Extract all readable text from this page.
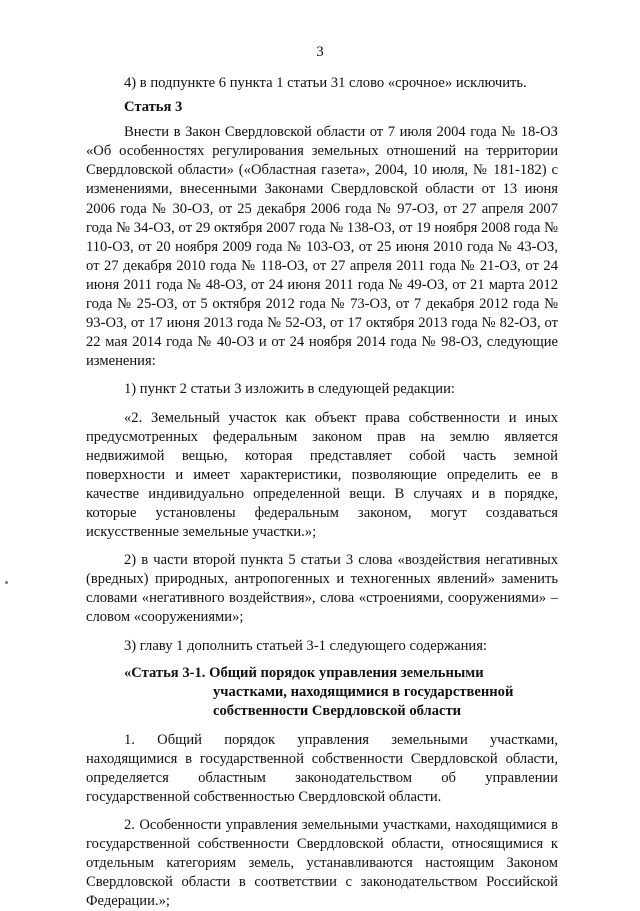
3

4) в подпункте 6 пункта 1 статьи 31 слово «срочное» исключить.

Статья 3

Внести в Закон Свердловской области от 7 июля 2004 года № 18-ОЗ «Об особенностях регулирования земельных отношений на территории Свердловской области» («Областная газета», 2004, 10 июля, № 181-182) с изменениями, внесенными Законами Свердловской области от 13 июня 2006 года № 30-ОЗ, от 25 декабря 2006 года № 97-ОЗ, от 27 апреля 2007 года № 34-ОЗ, от 29 октября 2007 года № 138-ОЗ, от 19 ноября 2008 года № 110-ОЗ, от 20 ноября 2009 года № 103-ОЗ, от 25 июня 2010 года № 43-ОЗ, от 27 декабря 2010 года № 118-ОЗ, от 27 апреля 2011 года № 21-ОЗ, от 24 июня 2011 года № 48-ОЗ, от 24 июня 2011 года № 49-ОЗ, от 21 марта 2012 года № 25-ОЗ, от 5 октября 2012 года № 73-ОЗ, от 7 декабря 2012 года № 93-ОЗ, от 17 июня 2013 года № 52-ОЗ, от 17 октября 2013 года № 82-ОЗ, от 22 мая 2014 года № 40-ОЗ и от 24 ноября 2014 года № 98-ОЗ, следующие изменения:

1) пункт 2 статьи 3 изложить в следующей редакции:

«2. Земельный участок как объект права собственности и иных предусмотренных федеральным законом прав на землю является недвижимой вещью, которая представляет собой часть земной поверхности и имеет характеристики, позволяющие определить ее в качестве индивидуально определенной вещи. В случаях и в порядке, которые установлены федеральным законом, могут создаваться искусственные земельные участки.»;

2) в части второй пункта 5 статьи 3 слова «воздействия негативных (вредных) природных, антропогенных и техногенных явлений» заменить словами «негативного воздействия», слова «строениями, сооружениями» – словом «сооружениями»;

3) главу 1 дополнить статьей 3-1 следующего содержания:

«Статья 3-1. Общий порядок управления земельными
участками, находящимися в государственной собственности Свердловской области

1. Общий порядок управления земельными участками, находящимися в государственной собственности Свердловской области, определяется областным законодательством об управлении государственной собственностью Свердловской области.

2. Особенности управления земельными участками, находящимися в государственной собственности Свердловской области, относящимися к отдельным категориям земель, устанавливаются настоящим Законом Свердловской области в соответствии с законодательством Российской Федерации.»;
